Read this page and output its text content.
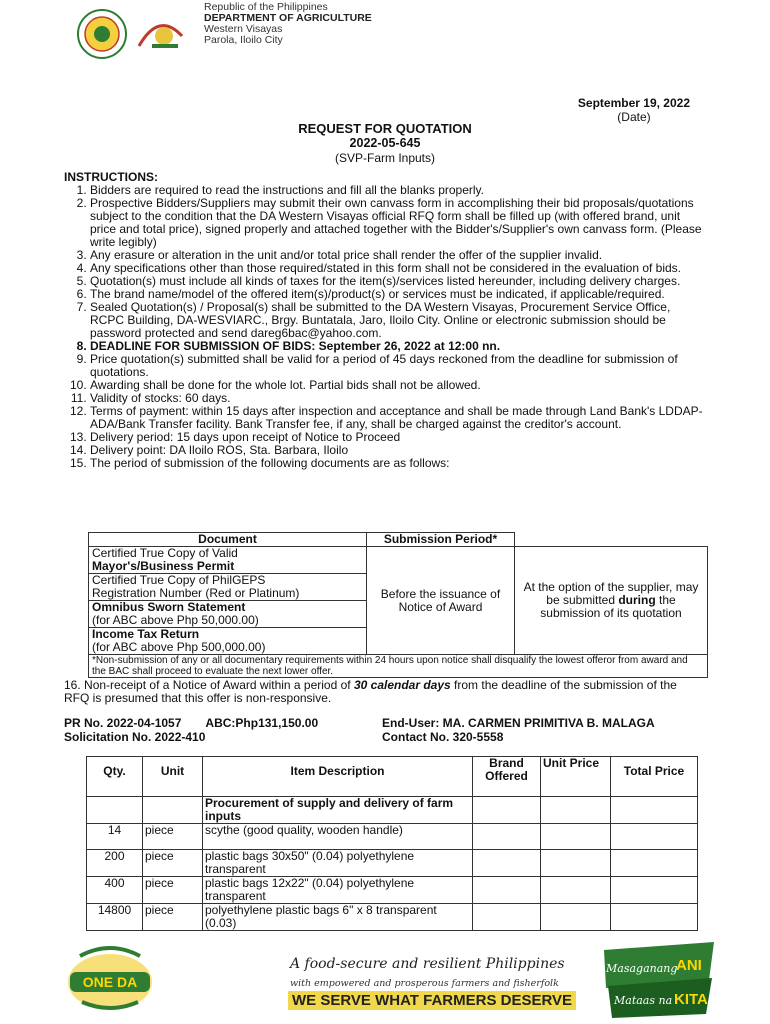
Republic of the Philippines
DEPARTMENT OF AGRICULTURE
Western Visayas
Parola, Iloilo City
September 19, 2022
(Date)
REQUEST FOR QUOTATION
2022-05-645
(SVP-Farm Inputs)
INSTRUCTIONS:
1. Bidders are required to read the instructions and fill all the blanks properly.
2. Prospective Bidders/Suppliers may submit their own canvass form in accomplishing their bid proposals/quotations subject to the condition that the DA Western Visayas official RFQ form shall be filled up (with offered brand, unit price and total price), signed properly and attached together with the Bidder's/Supplier's own canvass form. (Please write legibly)
3. Any erasure or alteration in the unit and/or total price shall render the offer of the supplier invalid.
4. Any specifications other than those required/stated in this form shall not be considered in the evaluation of bids.
5. Quotation(s) must include all kinds of taxes for the item(s)/services listed hereunder, including delivery charges.
6. The brand name/model of the offered item(s)/product(s) or services must be indicated, if applicable/required.
7. Sealed Quotation(s) / Proposal(s) shall be submitted to the DA Western Visayas, Procurement Service Office, RCPC Building, DA-WESVIARC., Brgy. Buntatala, Jaro, Iloilo City. Online or electronic submission should be password protected and send dareg6bac@yahoo.com.
8. DEADLINE FOR SUBMISSION OF BIDS: September 26, 2022 at 12:00 nn.
9. Price quotation(s) submitted shall be valid for a period of 45 days reckoned from the deadline for submission of quotations.
10. Awarding shall be done for the whole lot. Partial bids shall not be allowed.
11. Validity of stocks: 60 days.
12. Terms of payment: within 15 days after inspection and acceptance and shall be made through Land Bank's LDDAP-ADA/Bank Transfer facility. Bank Transfer fee, if any, shall be charged against the creditor's account.
13. Delivery period: 15 days upon receipt of Notice to Proceed
14. Delivery point: DA Iloilo ROS, Sta. Barbara, Iloilo
15. The period of submission of the following documents are as follows:
Document	Submission Period*	

Certified True Copy of Valid
Mayor's/Business Permit	Before the issuance of Notice of Award	At the option of the supplier, may be submitted during the submission of its quotation

Certified True Copy of PhilGEPS
Registration Number (Red or Platinum)		

Omnibus Sworn Statement
(for ABC above Php 50,000.00)		

Income Tax Return
(for ABC above Php 500,000.00)		

*Non-submission of any or all documentary requirements within 24 hours upon notice shall disqualify the lowest offeror from award and the BAC shall proceed to evaluate the next lower offer.		
16. Non-receipt of a Notice of Award within a period of 30 calendar days from the deadline of the submission of the RFQ is presumed that this offer is non-responsive.
PR No. 2022-04-1057 ABC:Php131,150.00
Solicitation No. 2022-410
End-User: MA. CARMEN PRIMITIVA B. MALAGA
Contact No. 320-5558
Qty.	Unit	Item Description	Brand Offered	Unit Price	Total Price
		Procurement of supply and delivery of farm inputs			
14	piece	scythe (good quality, wooden handle)			
200	piece	plastic bags 30x50" (0.04) polyethylene transparent			
400	piece	plastic bags 12x22" (0.04) polyethylene transparent			
14800	piece	polyethylene plastic bags 6" x 8 transparent (0.03)			
ONE DA
A food-secure and resilient Philippines
with empowered and prosperous farmers and fisherfolk
WE SERVE WHAT FARMERS DESERVE
Masaganang
ANI
Mataas na KITA
